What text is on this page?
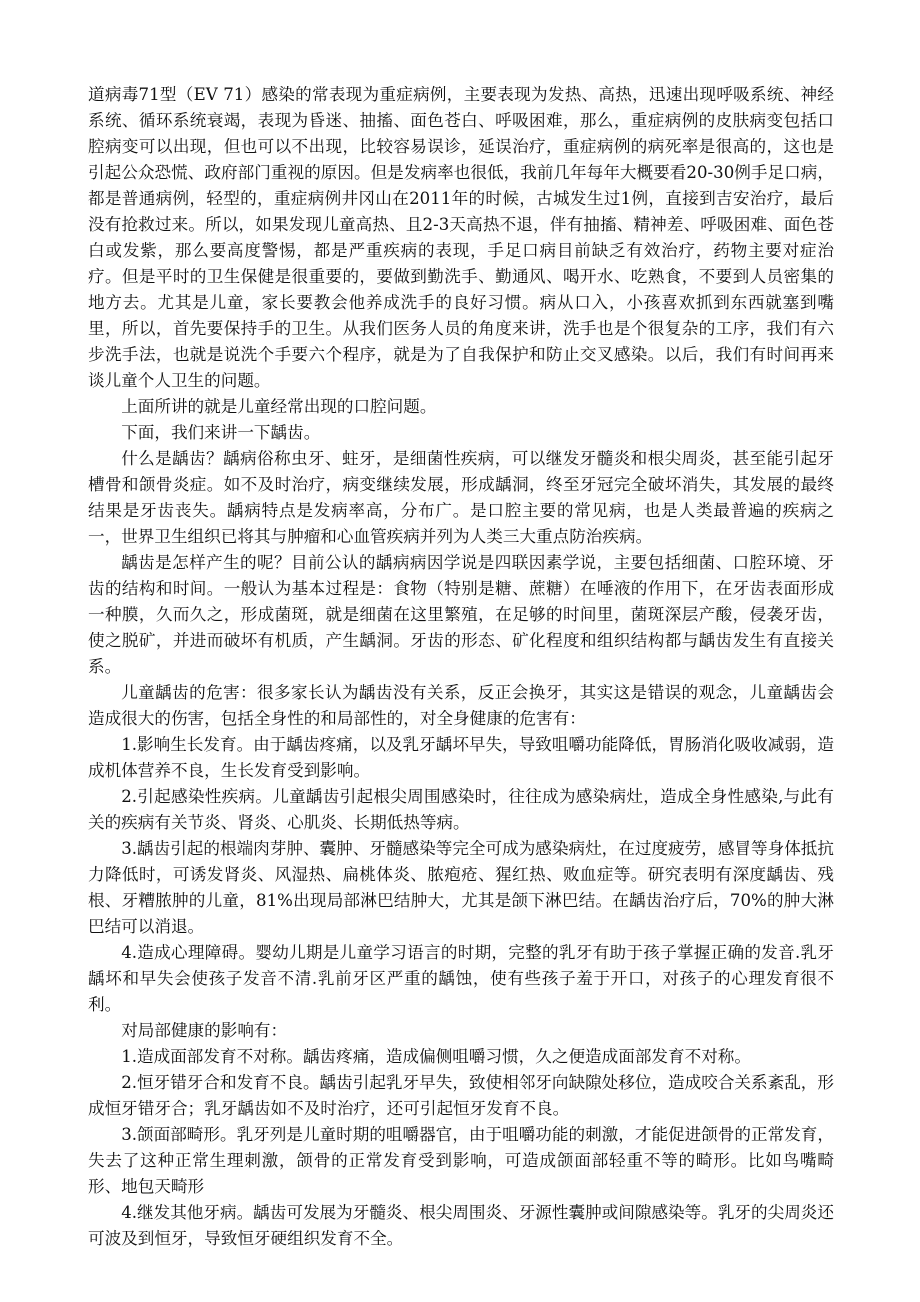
道病毒71型（EV 71）感染的常表现为重症病例，主要表现为发热、高热，迅速出现呼吸系统、神经系统、循环系统衰竭，表现为昏迷、抽搐、面色苍白、呼吸困难，那么，重症病例的皮肤病变包括口腔病变可以出现，但也可以不出现，比较容易误诊，延误治疗，重症病例的病死率是很高的，这也是引起公众恐慌、政府部门重视的原因。但是发病率也很低，我前几年每年大概要看20-30例手足口病，都是普通病例，轻型的，重症病例井冈山在2011年的时候，古城发生过1例，直接到吉安治疗，最后没有抢救过来。所以，如果发现儿童高热、且2-3天高热不退，伴有抽搐、精神差、呼吸困难、面色苍白或发紫，那么要高度警惕，都是严重疾病的表现，手足口病目前缺乏有效治疗，药物主要对症治疗。但是平时的卫生保健是很重要的，要做到勤洗手、勤通风、喝开水、吃熟食，不要到人员密集的地方去。尤其是儿童，家长要教会他养成洗手的良好习惯。病从口入，小孩喜欢抓到东西就塞到嘴里，所以，首先要保持手的卫生。从我们医务人员的角度来讲，洗手也是个很复杂的工序，我们有六步洗手法，也就是说洗个手要六个程序，就是为了自我保护和防止交叉感染。以后，我们有时间再来谈儿童个人卫生的问题。

上面所讲的就是儿童经常出现的口腔问题。

下面，我们来讲一下龋齿。

什么是龋齿？龋病俗称虫牙、蛀牙，是细菌性疾病，可以继发牙髓炎和根尖周炎，甚至能引起牙槽骨和颌骨炎症。如不及时治疗，病变继续发展，形成龋洞，终至牙冠完全破坏消失，其发展的最终结果是牙齿丧失。龋病特点是发病率高，分布广。是口腔主要的常见病，也是人类最普遍的疾病之一，世界卫生组织已将其与肿瘤和心血管疾病并列为人类三大重点防治疾病。

龋齿是怎样产生的呢？目前公认的龋病病因学说是四联因素学说，主要包括细菌、口腔环境、牙齿的结构和时间。一般认为基本过程是：食物（特别是糖、蔗糖）在唾液的作用下，在牙齿表面形成一种膜，久而久之，形成菌斑，就是细菌在这里繁殖，在足够的时间里，菌斑深层产酸，侵袭牙齿，使之脱矿，并进而破坏有机质，产生龋洞。牙齿的形态、矿化程度和组织结构都与龋齿发生有直接关系。

儿童龋齿的危害：很多家长认为龋齿没有关系，反正会换牙，其实这是错误的观念，儿童龋齿会造成很大的伤害，包括全身性的和局部性的，对全身健康的危害有：

1.影响生长发育。由于龋齿疼痛，以及乳牙龋坏早失，导致咀嚼功能降低，胃肠消化吸收减弱，造成机体营养不良，生长发育受到影响。

2.引起感染性疾病。儿童龋齿引起根尖周围感染时，往往成为感染病灶，造成全身性感染,与此有关的疾病有关节炎、肾炎、心肌炎、长期低热等病。

3.龋齿引起的根端肉芽肿、囊肿、牙髓感染等完全可成为感染病灶，在过度疲劳，感冒等身体抵抗力降低时，可诱发肾炎、风湿热、扁桃体炎、脓疱疮、猩红热、败血症等。研究表明有深度龋齿、残根、牙糟脓肿的儿童，81%出现局部淋巴结肿大，尤其是颌下淋巴结。在龋齿治疗后，70%的肿大淋巴结可以消退。

4.造成心理障碍。婴幼儿期是儿童学习语言的时期，完整的乳牙有助于孩子掌握正确的发音.乳牙龋坏和早失会使孩子发音不清.乳前牙区严重的龋蚀，使有些孩子羞于开口，对孩子的心理发育很不利。

对局部健康的影响有：

1.造成面部发育不对称。龋齿疼痛，造成偏侧咀嚼习惯，久之便造成面部发育不对称。

2.恒牙错牙合和发育不良。龋齿引起乳牙早失，致使相邻牙向缺隙处移位，造成咬合关系紊乱，形成恒牙错牙合；乳牙龋齿如不及时治疗，还可引起恒牙发育不良。

3.颌面部畸形。乳牙列是儿童时期的咀嚼器官，由于咀嚼功能的刺激，才能促进颌骨的正常发育，失去了这种正常生理刺激，颌骨的正常发育受到影响，可造成颌面部轻重不等的畸形。比如鸟嘴畸形、地包天畸形

4.继发其他牙病。龋齿可发展为牙髓炎、根尖周围炎、牙源性囊肿或间隙感染等。乳牙的尖周炎还可波及到恒牙，导致恒牙硬组织发育不全。
